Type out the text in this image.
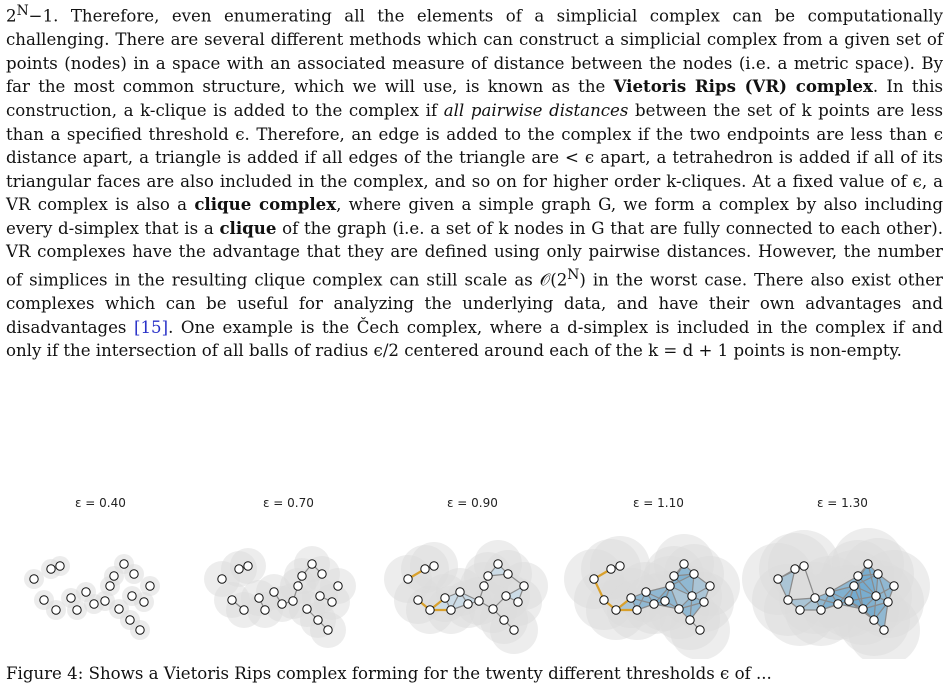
$2^N-1$. Therefore, even enumerating all the elements of a simplicial complex can be computationally challenging. There are several different methods which can construct a simplicial complex from a given set of points (nodes) in a space with an associated measure of distance between the nodes (i.e. a metric space). By far the most common structure, which we will use, is known as the Vietoris Rips (VR) complex. In this construction, a k-clique is added to the complex if all pairwise distances between the set of k points are less than a specified threshold ϵ. Therefore, an edge is added to the complex if the two endpoints are less than ϵ distance apart, a triangle is added if all edges of the triangle are < ϵ apart, a tetrahedron is added if all of its triangular faces are also included in the complex, and so on for higher order k-cliques. At a fixed value of ϵ, a VR complex is also a clique complex, where given a simple graph G, we form a complex by also including every d-simplex that is a clique of the graph (i.e. a set of k nodes in G that are fully connected to each other). VR complexes have the advantage that they are defined using only pairwise distances. However, the number of simplices in the resulting clique complex can still scale as $𝒪(2^N)$ in the worst case. There also exist other complexes which can be useful for analyzing the underlying data, and have their own advantages and disadvantages [15]. One example is the Čech complex, where a d-simplex is included in the complex if and only if the intersection of all balls of radius ϵ/2 centered around each of the k = d + 1 points is non-empty.
ε = 0.40	ε = 0.70	ε = 0.90	ε = 1.10	ε = 1.30
Figure 4: Shows a Vietoris Rips complex forming for the twenty different thresholds ϵ of ...
